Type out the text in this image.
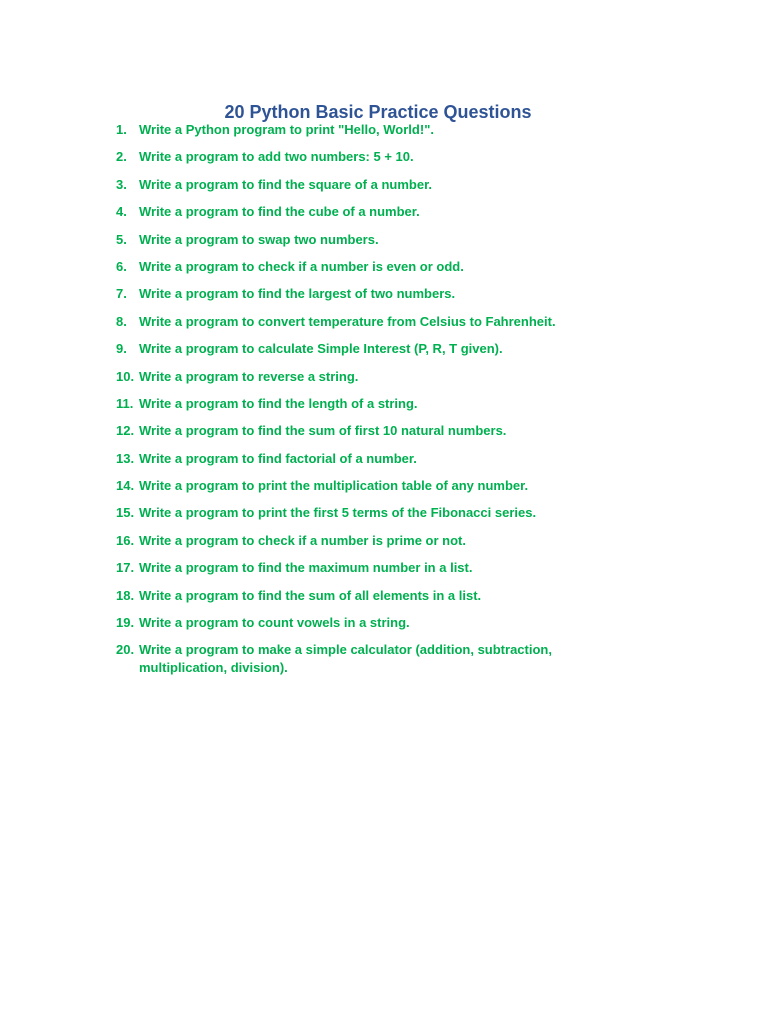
20 Python Basic Practice Questions
1. Write a Python program to print "Hello, World!".
2. Write a program to add two numbers: 5 + 10.
3. Write a program to find the square of a number.
4. Write a program to find the cube of a number.
5. Write a program to swap two numbers.
6. Write a program to check if a number is even or odd.
7. Write a program to find the largest of two numbers.
8. Write a program to convert temperature from Celsius to Fahrenheit.
9. Write a program to calculate Simple Interest (P, R, T given).
10. Write a program to reverse a string.
11. Write a program to find the length of a string.
12. Write a program to find the sum of first 10 natural numbers.
13. Write a program to find factorial of a number.
14. Write a program to print the multiplication table of any number.
15. Write a program to print the first 5 terms of the Fibonacci series.
16. Write a program to check if a number is prime or not.
17. Write a program to find the maximum number in a list.
18. Write a program to find the sum of all elements in a list.
19. Write a program to count vowels in a string.
20. Write a program to make a simple calculator (addition, subtraction, multiplication, division).
